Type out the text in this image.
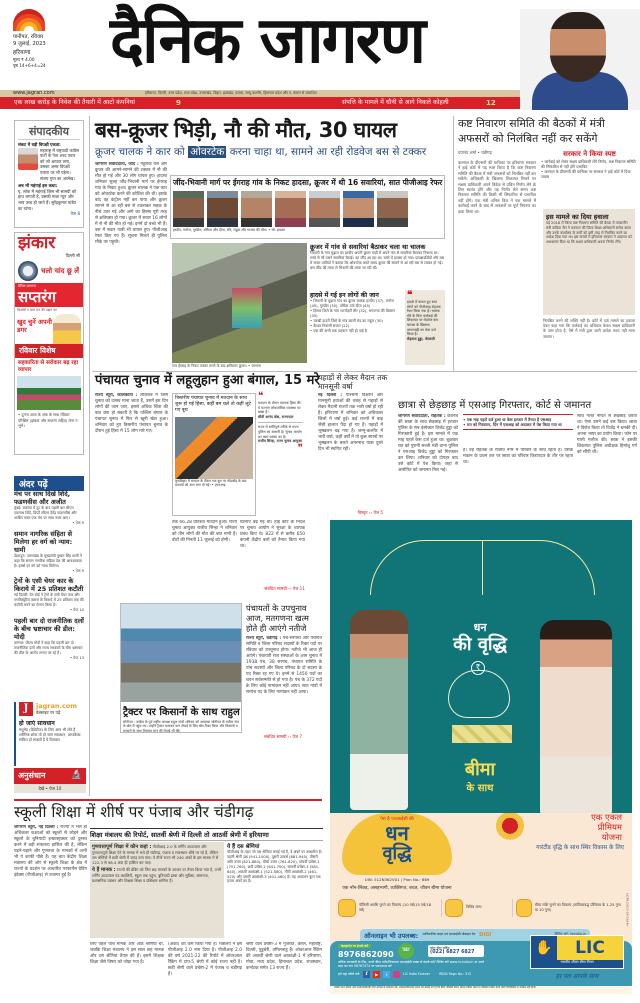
पानीपत, रविवार
9 जुलाई, 2023
हरियाणा
मूल्य ₹ 4.00
पृष्ठ 14+6+4=24	दैनिक जागरण
www.jagran.com	हरियाणा, दिल्ली, उत्तर प्रदेश, मध्य प्रदेश, उत्तराखंड, बिहार, झारखंड, पंजाब, जम्मू कश्मीर, हिमाचल प्रदेश और प. बंगाल से प्रकाशित
एक लाख करोड़ के निवेश की तैयारी में आटो कंपनियां	9	संपत्ति के मामले में धौनी से आगे निकले कोहली	12
संपादकीय
संकट में घड़ी विपक्षी एकता:
महाराष्ट्र में राष्ट्रवादी कांग्रेस पार्टी के नेता शरद पवार को जो आघात लगा, उसका असर विपक्षी एकता पर भी पड़ेगा। संजय गुप्त का आलेख।
अब भी महंगाई इस कथा:
पृ. लोक में महंगाई जिस भी सामग्री को हाथ लगाती है, उसकी मात्रा न्यून और भाव उच्च हो जाते हैं। सुरेंद्रकुमार पांडेय का व्यंग्य।
पेज 8
झंकार
दिल्ली सी
चलो चांद छू लें
दैनिक जागरण
सप्तरंग
किशोरों व बाल मन की उड़ान का
खुद चुनें अपनी डगर
रविवार विशेष
सहकारिता से सरोकार बढ़ रहा व्यापार
• दुगना आज के अंक के साथ रविवार परिशिष्ट (झंकार और सप्तरंग सहित) लेना न भूलें।
अंदर पढ़ें
मंच पर साथ दिखे शिंदे, फडणवीस और अजीत
मुंबई: राकांपा में टूट के बाद पहली बार सीएम एकनाथ शिंदे, डिप्टी सीएम देवेंद्र फडणवीस और अजीत पवार एक मंच पर साथ नजर आए।
• पेज 9
समान नागरिक संहिता से मिलेगा हर वर्ग को न्याय: धामी
देहरादून: उत्तराखंड के मुख्यमंत्री पुष्कर सिंह धामी ने कहा कि समान नागरिक संहिता देश की आवश्यकता है। इससे हर वर्ग को न्याय मिलेगा।
• पेज 9
ट्रेनों के एसी चेयर कार के किराये में 25 प्रतिशत कटौती
नई दिल्ली: रेल बोर्ड ने ट्रेनों के एसी चेयर कार और एग्जीक्यूटिव क्लास के किराये में 25 प्रतिशत तक की कटौती करने का ऐलान किया है।
• पेज 10
पहली बार दो राजनीतिक दलों के बीच भ्रष्टाचार की डील: मोदी
वारंगल: पीएम मोदी ने कहा कि पहली बार दो राजनीतिक दलों और राज्य सरकारों के बीच भ्रष्टाचार की डील के आरोप लगाए जा रहे हैं।
• पेज 13
J	jagran.com
वेबसाइट पर पढ़ें
हो जाएं सावधान
मधुमेह (डिबेटीज) के लिए आप भी लेते हैं शरीरिक शोक तो हो जाएं सावधान, आपकेंका सकित हो सकती है ये दिक्कत
अनुसंधान	🔬
देखें • पेज 10
बस-क्रूजर भिड़ी, नौ की मौत, 30 घायल
क्रूजर चालक ने कार को ओवरटेक करना चाहा था, सामने आ रही रोडवेज बस से टक्कर
जागरण संवाददाता, जींद : गेहूंलेक बस और क्रूजर की आमने-सामने की टक्कर में नौ की मौत हो गई और 30 लोग घायल हुए। हादसा शनिवार सुबह जींद-भिवानी मार्ग पर ईगराह गांव के निकट हुआ। क्रूजर चालक ने एक कार को ओवरटेक करने की कोशिश की थी। इसके बाद वह कंट्रोल नहीं कर पाया और क्रूजर सामने से आ रही बस से टकराकर सड़क के नीचे उतर गई और आगे का हिस्सा पूरी तरह से क्षतिग्रस्त हो गया। क्रूजर में सवार 16 लोगों में से नौ की मौत हो गई। इनमें दो बच्चे भी हैं। बस में सवार यात्री भी घायल हुए। पीजीआइ रेफर किए गए हैं। सूचना मिलते ही पुलिस मौके पर पहुंची।
जींद-भिवानी मार्ग पर ईगराह गांव के निकट हादसा, क्रूजर में थी 16 सवारियां, सात पीजीआइ रेफर
हरदीप, मनोज, गुरप्रीत, उर्मिला और दीपा, रवि, राहुल और गाजल की मौत। • सौ. हादसा
गांव ईगराह के निकट टक्कर लगने के बाद क्षतिग्रस्त क्रूजर। • जागरण
क्रूजर में गांव से सवारियां बैठाकर चला था चालक
भिवानी के गांव मुढ़ाल का हरदीप अपनी क्रूजर गाड़ी में अपने गांव से सवारियां बैठाकर निकला था। रास्ते से भी उसने सवारियां बैठाईं। वह जींद आ रहा था। रास्ते में हादसा हो गया। प्रत्यक्षदर्शियों और बस में सवार यात्रियों ने बताया कि ओवरटेक करते समय क्रूजर की सामने से आ रही बस से टक्कर हो गई। बस जींद की तरफ से भिवानी की तरफ जा रही थी।
हादसे में गई इन लोगों की जान
• भिवानी के मुढ़ाल गांव का क्रूजर चालक हरदीप (37), मनोज (45), गुरप्रीत (30), उर्मिला उर्फ दीपा (45)
• हिसार जिले के गांव भटनोहरी तीर (32), भगवन्ता की किसान (45)
• चरखी दादरी जिले के गांव काली मंद का राहुल (30)
• कैथल निवासी सजल (22)
• एक की अभी तक पहचान नहीं हो पाई है
❝
हादसे में घायल हुए सात लोगों को पीजीआइ रोहतक रेफर किया गया है। चालक रवि के बिना कार्रवाई की शिकायत पर रोडवेज बस चालक के खिलाफ लापरवाही का केस दर्ज किया है।
रोहताश हुड्डा, जेलरजी
कष्ट निवारण समिति की बैठकों में मंत्री अफसरों को निलंबित नहीं कर सकेंगे
दयानंद शर्मा • चंडीगढ़
करनाल के डीएसपी की याचिका पर हरियाणा सरकार ने हाई कोर्ट में यह स्पष्ट किया है कि कष्ट निवारण समिति की बैठक में मंत्री अफसरों को निलंबित नहीं कर सकेंगे। अधिकारी के खिलाफ शिकायत मिलने पर सक्षम प्राधिकारी अपने विवेक से उचित निर्णय लेने के लिए स्वतंत्र होंगे और यह निर्णय लेते समय कष्ट निवारण समिति की किसी भी सिफारिश से प्रभावित नहीं होंगे। एक मंत्री अनिल विज ने एक मामले में कार्रवाई करने के बाद से अफसरों पर पूर्ण नियंत्रण का दावा किया था।
सरकार ने किया स्पष्ट
• कार्रवाई को लेकर सक्षम प्राधिकारी लेंगे निर्णय, कष्ट निवारण समिति की सिफारिश से नहीं होंगे प्रभावित
• करनाल के डीएसपी की याचिका पर सरकार ने हाई कोर्ट में दिया जवाब
इस मामले का दिया हवाला
मई 2018 में जिला कष्ट निवारण समिति की बैठक में तत्कालीन मंत्री कविता जैन ने करनाल की जिला शिक्षा अधिकारी सरोज बाला और उनके कार्यालय के कर्मी को इसी तरह से निलंबित करने का आदेश दिया गया था। इस मामले में हरियाणा सरकार ने अदालत को आश्वासन दिया था कि सक्षम प्राधिकारी अपना निर्णय लेंगे।
निलंबित करने की शक्ति नहीं है। कोर्ट में दर्ज मामले का हवाला देकर कहा गया कि कार्रवाई का अधिकार केवल सक्षम प्राधिकारी के पास होता है, ऐसे में मंत्री द्वारा जारी आदेश स्वतः नहीं माना जाएगा।
पंचायत चुनाव में लहूलुहान हुआ बंगाल, 15 मरे
राज्य ब्यूरो, कोलकाता : लोकतंत्र में जिस चुनाव को उत्सव माना जाता है, उसमें इस दिन लोगों की जान जाए, इससे अधिक चिंता की बात क्या हो सकती है कि पश्चिम बंगाल के पंचायत चुनाव में फिर से खूनी खेल हुआ। शनिवार को हुए त्रिस्तरीय पंचायत चुनाव के दौरान हुई हिंसा में 15 लोग मारे गए।
त्रिस्तरीय पंचायत चुनाव में मतदान के साथ शुरू हो गई हिंसा, कहीं बम चले तो कहीं लूटे गए बूथ
कूचबिहार में मतदान के दौरान एक बूथ पर तोड़फोड़ के बाद मतपत्रों को आग लगा दी गई। • एएनआइ
❝
मतदान के दौरान व्यापक हिंसा की ये घटनाएं लोकतांत्रिक व्यवस्था पर धब्बा है।
सीवी आनंद बोस, राज्यपाल
राज्य में शांतिपूर्ण तरीके से राज्य पुलिस का शासनी है। चुनाव आयोग का काम प्रशंसा का है।
राजीव सिन्हा, राज्य चुनाव आयुक्त
❞
तक 66.28 प्रतिशत मतदान हुआ। राज्य चुनाव आयुक्त राजीव सिन्हा ने शनिवार को तीन लोगों की मौत की बात मानी है। वोटों की गिनती 11 जुलाई को होगी।
घटनाएं बढ़ गई थीं। हाई कोर्ट के निर्देश पर चुनाव आयोग ने सुरक्षा के व्यापक प्रबंध किए थे। 822 में से करीब 650 कंपनी केंद्रीय बलों को तैनात किया गया था।
संबंधित सामग्री ›› पेज 11
पहाड़ों से लेकर मैदान तक मानसूनी वर्षा
नई दिल्ली : पश्चिमी विक्षोभ और मानसूनी हवाओं की वजह से पहाड़ों से लेकर मैदानी राज्यों तक भारी वर्षा हो रही है। हरियाणा में शनिवार को अधिकतर जिलों में वर्षा हुई। कई राज्यों में बाढ़ जैसी हालात पैदा हो गए हैं। पहाड़ों में भूस्खलन बढ़ गया है। जम्मू-कश्मीर में भारी वर्षा, कहीं वर्षों में तो कुछ स्थानों पर भूस्खलन के चलते अमरनाथ यात्रा दूसरे दिन भी स्थगित रही।
विस्तृत ›› पेज 5
छात्रा से छेड़छाड़ में एसआइ गिरफ्तार, कोर्ट से जमानत
जागरण संवाददाता, रोहतक : कालेज की छात्रा के साथ छेड़छाड़ में हरजार पुलिस के सब इंस्पेक्टर विजेंद्र हुड्डा को गिरफ्तारी हुई है। इस मामले में एक माह पहले केस दर्ज हुआ था। शुक्रवार रात को पुरानी सब्जी मंडी थाना पुलिस ने एसआइ विजेंद्र हुड्डा को गिरफ्तार कर लिया। शनिवार को दोपहर बाद उसे कोर्ट में पेश किया। जहां से आरोपित को जमानत मिल गई।
• एक माह पहले दर्ज हुआ था केस हरजार में तैनात है एसआइ
• रात को गिरफ्तार, दिन में एसआइ को अदालत में पेश किया गया था
है। वह रोहतक के राजीव नगर में परिवार के साथ रहता है। उसके मकान के प्रथम तल पर छात्रा का परिवार किराएदार के तौर पर रहता था।
साथ गलत नीयत से छेड़छाड़ करता था। ऐसा उसने कई बार किया। छात्रा ने विरोध किया तो विजेंद्र ने धमकी दी। अपना भाषा का प्रयोग किया। फोन पर गाली गलौज की। छात्रा ने इसकी शिकायत पुलिस अधीक्षक हिमांशु गर्ग को सौंपी थी।
ट्रैक्टर पर किसानों के साथ राहुल
सोनीपत : कांग्रेस के पूर्व राष्ट्रीय अध्यक्ष राहुल गांधी शनिवार को अचानक सोनीपत के मदीना गांव के खेत में पहुंच गए। उन्होंने ट्रैक्टर चलाकर धान रोपाई के लिए खेत तैयार किया और किसानों व मजदूरों के साथ मिलकर धान की रोपाई भी की।
संबंधित सामग्री ›› पेज 7
पंचायतों के उपचुनाव आज, मतगणना खत्म होते ही आएंगे नतीजे
राज्य ब्यूरो, चंडीगढ़ : पंच-सरपंचों और पंचायत समिति व जिला परिषद सदस्यों के रिक्त पदों पर रविवार को उपचुनाव होगा। नतीजे भी आज ही आएंगे। पंचायती राज संस्थाओं के आम चुनाव में 1938 पंच, 38 सरपंच, पंचायत समिति के पांच सदस्यों और जिला परिषद के दो सदस्य के पद रिक्त रह गए थे। इनमें से 1450 पदों का चयन सर्वसम्मति से हो गया है। पंच के 372 पदों के लिए कोई नामांकन नहीं आया। सात गांवों में सरपंच पद के लिए नामांकन नहीं आया।
धन
की वृद्धि
₹
बीमा
के साथ
पेश है एलआईसी की
धन
वृद्धि
UIN: 512N362V01 | Plan No.: 869
एक नॉन-लिंक्ड, असहभागी, व्यक्तिगत, बचत, जीवन बीमा योजना
एक एकल
प्रीमियम
योजना
गारंटीड वृद्धि के साथ स्थिर विकास के लिए
पॉलिसी अवधि चुनने का विकल्प (10 वर्ष/15 वर्ष/18 वर्ष)
विविध लाभ	बीमा राशि चुनने का विकल्प (तालिकाबद्ध प्रीमियम के 1.25 गुना या 10 गुना)
ऑनलाइन भी उपलब्ध: आधिकारिक साइट एवं एलआईसी मोबाइल ऐप DIGI
व्हाट्सऐप पर संपर्क करें
8976862090	'Hi'	कॉल सेंटर सर्विस
(022) 6827 6827
अधिक जानकारी के लिए, अपने बीमा एजेंट/निकटतम एलआईसी शाखा से संपर्क करें/ विजिट करें www.licindia.in या अपने शहर का नाम 56767474 पर एसएमएस करें
हमें यहां फॉलो करें:	f	▶	t	LIC India Forever	IRDAI Regn No.: 512
✋	LIC
भारतीय जीवन बीमा निगम
हर पल आपके साथ
नकली फोन कॉल्स और फर्जी/धोखाधड़ी वाले ऑफर्स से सावधान रहें। आईआरडीएआई जनता को सलाह देता है कि बीमा पॉलिसी बेचने, बोनस घोषित करने या प्रीमियम निवेश करने जैसी गतिविधियों में शामिल नहीं होता।
LICIPL/2023-24/33/Hin
स्कूली शिक्षा में शीर्ष पर पंजाब और चंडीगढ़
जागरण ब्यूरो, नई दिल्ली : राज्यों ने भले ही अधिकतर कक्षाओं को स्कूलों से जोड़ने और स्कूलों के बुनियादी इन्फ्रास्ट्रक्चर को दुरुस्त करने में बड़ी सफलता हासिल की है, लेकिन पढ़ने-पढ़ाने और गुणवत्ता के मानकों में अभी भी ये काफी पीछे हैं। यह बात केंद्रीय शिक्षा मंत्रालय की ओर से स्कूली शिक्षा के क्षेत्र में राज्यों के प्रदर्शन पर आधारित परफार्मेंस ग्रेडिंग इंडेक्स (पीजीआइ) से उजागर हुई है।
शिक्षा मंत्रालय की रिपोर्ट, सातवीं श्रेणी में दिल्ली तो आठवीं श्रेणी में हरियाणा
गुणवत्तापूर्ण शिक्षा में कौन कहां : पीजीआइ 2.0 के लर्निंग आउटकम और गुणवत्तापूर्ण शिक्षा देने के मानक में भले ही चंडीगढ़, पंजाब व राजस्थान शीर्ष पर रहे हैं, लेकिन दस श्रेणियों में छठी श्रेणी में जगह बना पाए। ये तीनों राज्य भी 240 अंकों के इस मानक में से 122.3 से 98.4 अंक ही हासिल कर पाए।
ये हैं मानक : राज्यों की ग्रेडिंग को जिन छह मानकों के आधार पर तैयार किया गया है, उनमें लर्निंग आउटकम एंड क्वालिटी, स्कूल तक पहुंच, बुनियादी ढांचा और सुविधा, समानता, प्रशासनिक प्रबंधन और शिक्षक शिक्षा व प्रशिक्षण शामिल हैं।
ये हैं दस श्रेणियां
पीजीआइ के तहत जो दस श्रेणियां बनाई गई हैं, वे अंकों पर आधारित हैं। पहली श्रेणी दक्ष (941-1000), दूसरी उत्कर्ष (881-940), तीसरी अति उत्तम (821-880), चौथी उत्तम (761-820), पांचवीं प्रचेष्टा-1 (701-760), छठी प्रचेष्टा-2 (641-700), सातवीं प्रचेष्टा-3 (581-640), आठवीं आकांक्षी-1 (521-580), नौवीं आकांक्षी-2 (461-520) और दसवीं आकांक्षी-3 (401-460) है। यह आकलन कुल एक हजार अंकों का है।
लिए पहले पांच मानक और आठ श्रेणियां थीं, जबकि शिक्षा मंत्रालय ने इस साल छह मानक और दस श्रेणियां तैयार की हैं। इसमें शिक्षक शिक्षा जैसे विषय को जोड़ा गया है।
(अंकों) को कम किया गया है। मंत्रालय ने इसे पीजीआइ 2.0 नाम दिया है। पीजीआइ 2.0 की वर्ष 2021-22 की रिपोर्ट में ओवरआल रैंकिंग में टाप-5 श्रेणी में कोई राज्य नहीं है। छठी श्रेणी वाले प्रचेष्टा-2 में पंजाब व चंडीगढ़ हैं।
श्रेणी वाले प्रचेष्टा-3 में गुजरात, केरल, महाराष्ट्र, दिल्ली, पुडुचेरी, तमिलनाडु हैं। ओवरआल रैंकिंग की आठवीं श्रेणी वाले आकांक्षी-1 में हरियाणा, गोवा, मध्य प्रदेश, हिमाचल प्रदेश, राजस्थान, कर्नाटक समेत 13 राज्य हैं।
